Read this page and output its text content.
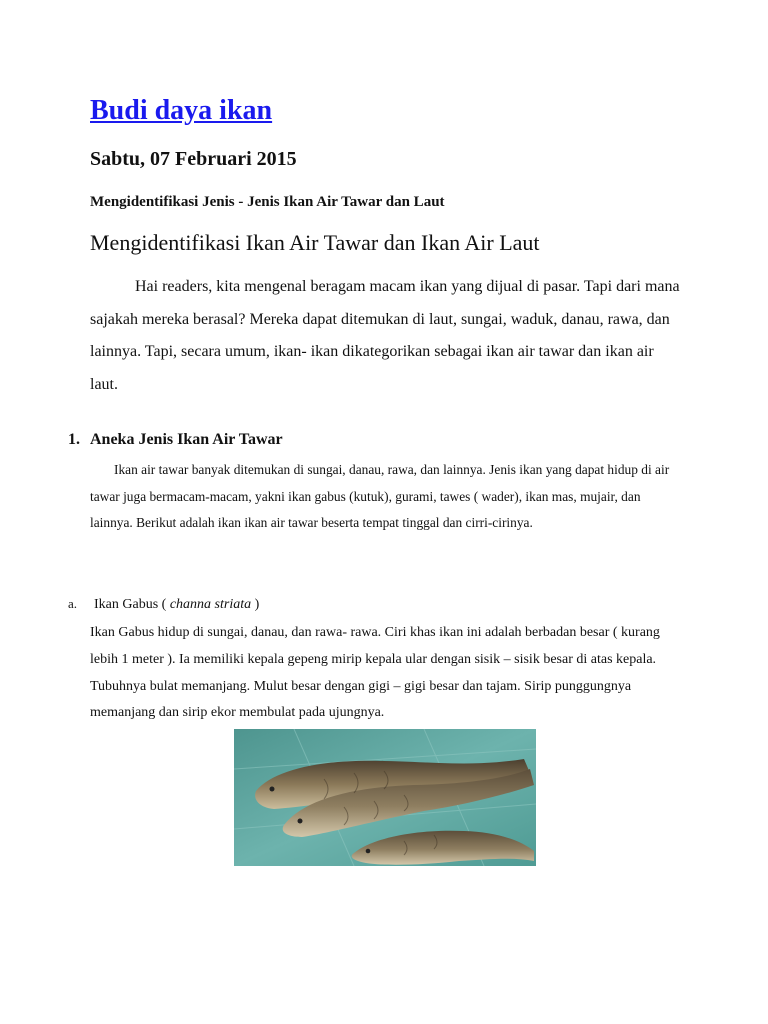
Budi daya ikan
Sabtu, 07 Februari 2015
Mengidentifikasi Jenis - Jenis Ikan Air Tawar dan Laut
Mengidentifikasi Ikan Air Tawar dan Ikan Air Laut

Hai readers, kita mengenal beragam macam ikan yang dijual di pasar. Tapi dari mana sajakah mereka berasal? Mereka dapat ditemukan di laut, sungai, waduk, danau, rawa, dan lainnya. Tapi, secara umum, ikan- ikan dikategorikan sebagai ikan air tawar dan ikan air laut.

1. Aneka Jenis Ikan Air Tawar

Ikan air tawar banyak ditemukan di sungai, danau, rawa, dan lainnya. Jenis ikan yang dapat hidup di air tawar juga bermacam-macam, yakni ikan gabus (kutuk), gurami, tawes ( wader), ikan mas, mujair, dan lainnya. Berikut adalah ikan ikan air tawar beserta tempat tinggal dan cirri-cirinya.

a. Ikan Gabus ( channa striata )

Ikan Gabus hidup di sungai, danau, dan rawa- rawa. Ciri khas ikan ini adalah berbadan besar ( kurang lebih 1 meter ). Ia memiliki kepala gepeng mirip kepala ular dengan sisik – sisik besar di atas kepala. Tubuhnya bulat memanjang. Mulut besar dengan gigi – gigi besar dan tajam. Sirip punggungnya memanjang dan sirip ekor membulat pada ujungnya.
